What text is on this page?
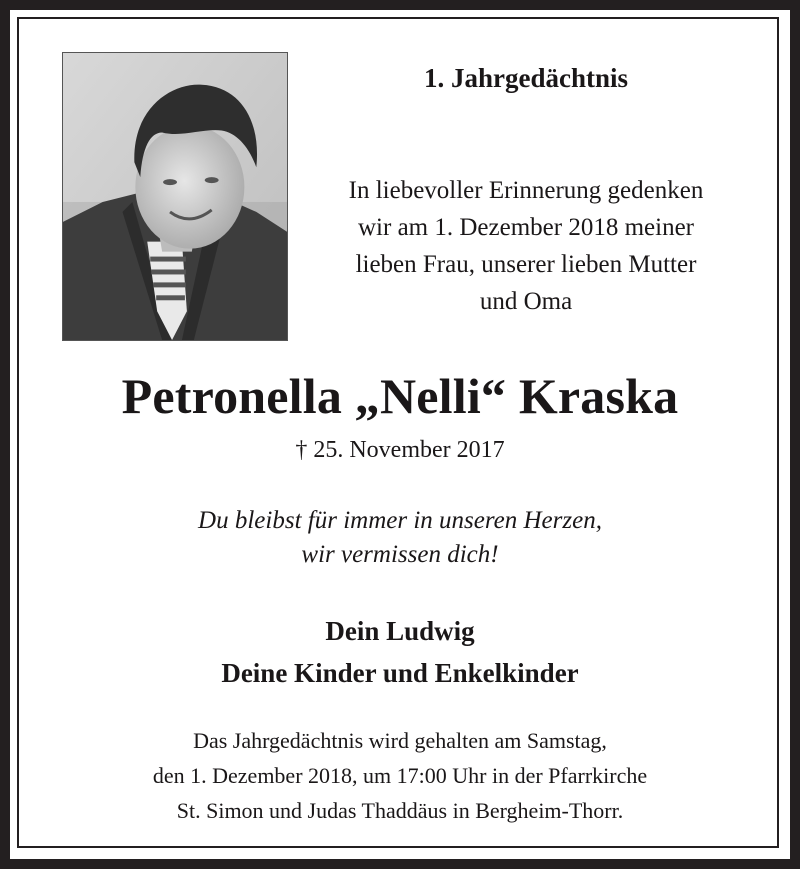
1. Jahrgedächtnis

In liebevoller Erinnerung gedenken
wir am 1. Dezember 2018 meiner
lieben Frau, unserer lieben Mutter
und Oma

Petronella „Nelli“ Kraska

† 25. November 2017

Du bleibst für immer in unseren Herzen,
wir vermissen dich!

Dein Ludwig
Deine Kinder und Enkelkinder

Das Jahrgedächtnis wird gehalten am Samstag,
den 1. Dezember 2018, um 17:00 Uhr in der Pfarrkirche
St. Simon und Judas Thaddäus in Bergheim-Thorr.
